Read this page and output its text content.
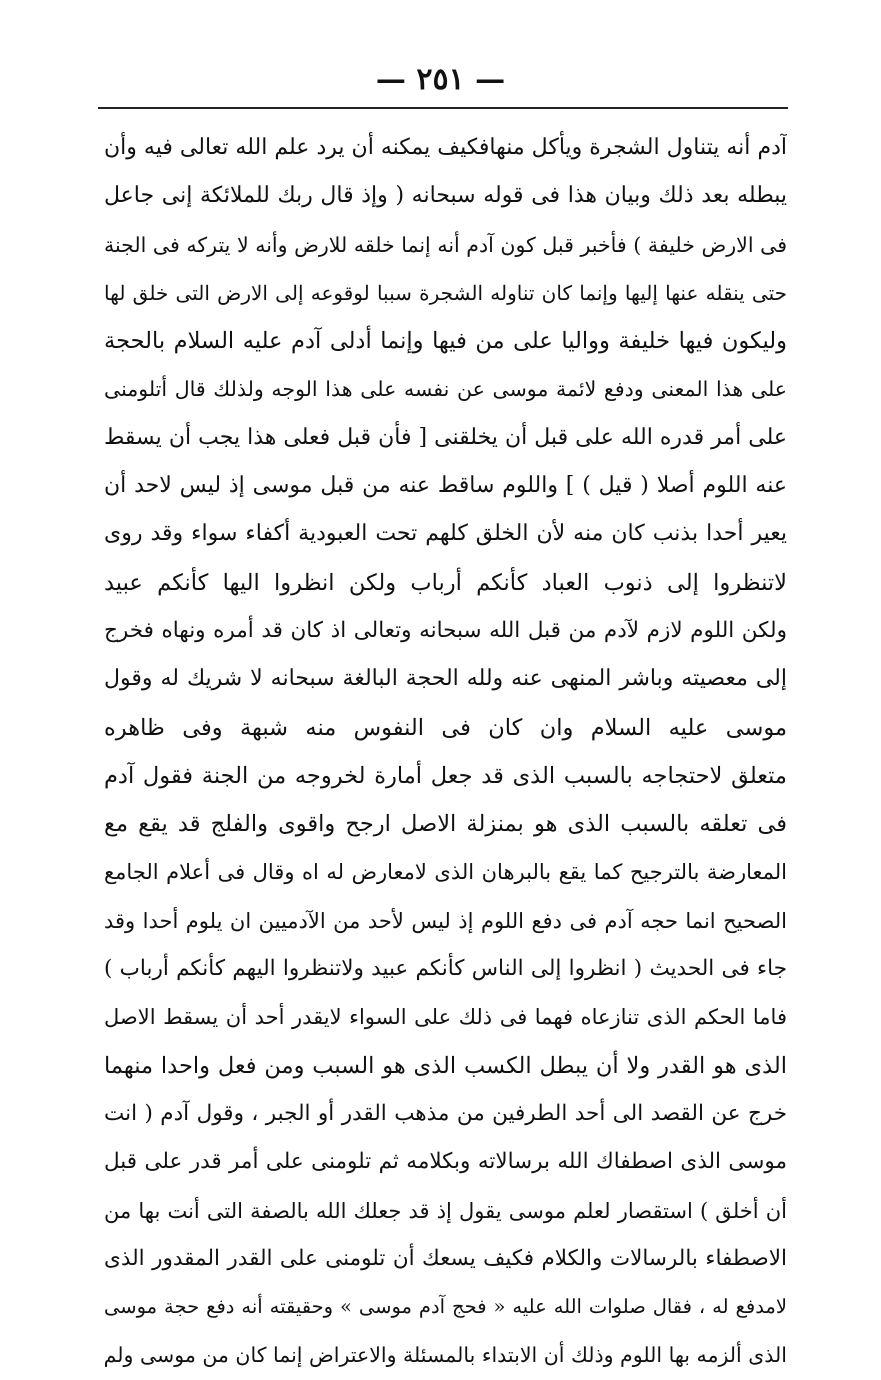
— ٢٥١ —
آدم أنه يتناول الشجرة ويأكل منهافكيف يمكنه أن يرد علم الله تعالى فيه وأن
يبطله بعد ذلك وبيان هذا فى قوله سبحانه ( وإذ قال ربك للملائكة إنى جاعل
فى الارض خليفة ) فأخبر قبل كون آدم أنه إنما خلقه للارض وأنه لا يتركه فى الجنة
حتى ينقله عنها إليها وإنما كان تناوله الشجرة سببا لوقوعه إلى الارض التى خلق لها
وليكون فيها خليفة وواليا على من فيها وإنما أدلى آدم عليه السلام بالحجة
على هذا المعنى ودفع لائمة موسى عن نفسه على هذا الوجه ولذلك قال أتلومنى
على أمر قدره الله على قبل أن يخلقنى [ فأن قبل فعلى هذا يجب أن يسقط
عنه اللوم أصلا ( قيل ) ] واللوم ساقط عنه من قبل موسى إذ ليس لاحد أن
يعير أحدا بذنب كان منه لأن الخلق كلهم تحت العبودية أكفاء سواء وقد روى
لاتنظروا إلى ذنوب العباد كأنكم أرباب ولكن انظروا اليها كأنكم عبيد
ولكن اللوم لازم لآدم من قبل الله سبحانه وتعالى اذ كان قد أمره ونهاه فخرج
إلى معصيته وباشر المنهى عنه ولله الحجة البالغة سبحانه لا شريك له وقول
موسى عليه السلام وان كان فى النفوس منه شبهة وفى ظاهره
متعلق لاحتجاجه بالسبب الذى قد جعل أمارة لخروجه من الجنة فقول آدم
فى تعلقه بالسبب الذى هو بمنزلة الاصل ارجح واقوى والفلج قد يقع مع
المعارضة بالترجيح كما يقع بالبرهان الذى لامعارض له اه وقال فى أعلام الجامع
الصحيح انما حجه آدم فى دفع اللوم إذ ليس لأحد من الآدميين ان يلوم أحدا وقد
جاء فى الحديث ( انظروا إلى الناس كأنكم عبيد ولاتنظروا اليهم كأنكم أرباب )
فاما الحكم الذى تنازعاه فهما فى ذلك على السواء لايقدر أحد أن يسقط الاصل
الذى هو القدر ولا أن يبطل الكسب الذى هو السبب ومن فعل واحدا منهما
خرج عن القصد الى أحد الطرفين من مذهب القدر أو الجبر ، وقول آدم ( انت
موسى الذى اصطفاك الله برسالاته وبكلامه ثم تلومنى على أمر قدر على قبل
أن أخلق ) استقصار لعلم موسى يقول إذ قد جعلك الله بالصفة التى أنت بها من
الاصطفاء بالرسالات والكلام فكيف يسعك أن تلومنى على القدر المقدور الذى
لامدفع له ، فقال صلوات الله عليه « فحج آدم موسى » وحقيقته أنه دفع حجة موسى
الذى ألزمه بها اللوم وذلك أن الابتداء بالمسئلة والاعتراض إنما كان من موسى ولم
